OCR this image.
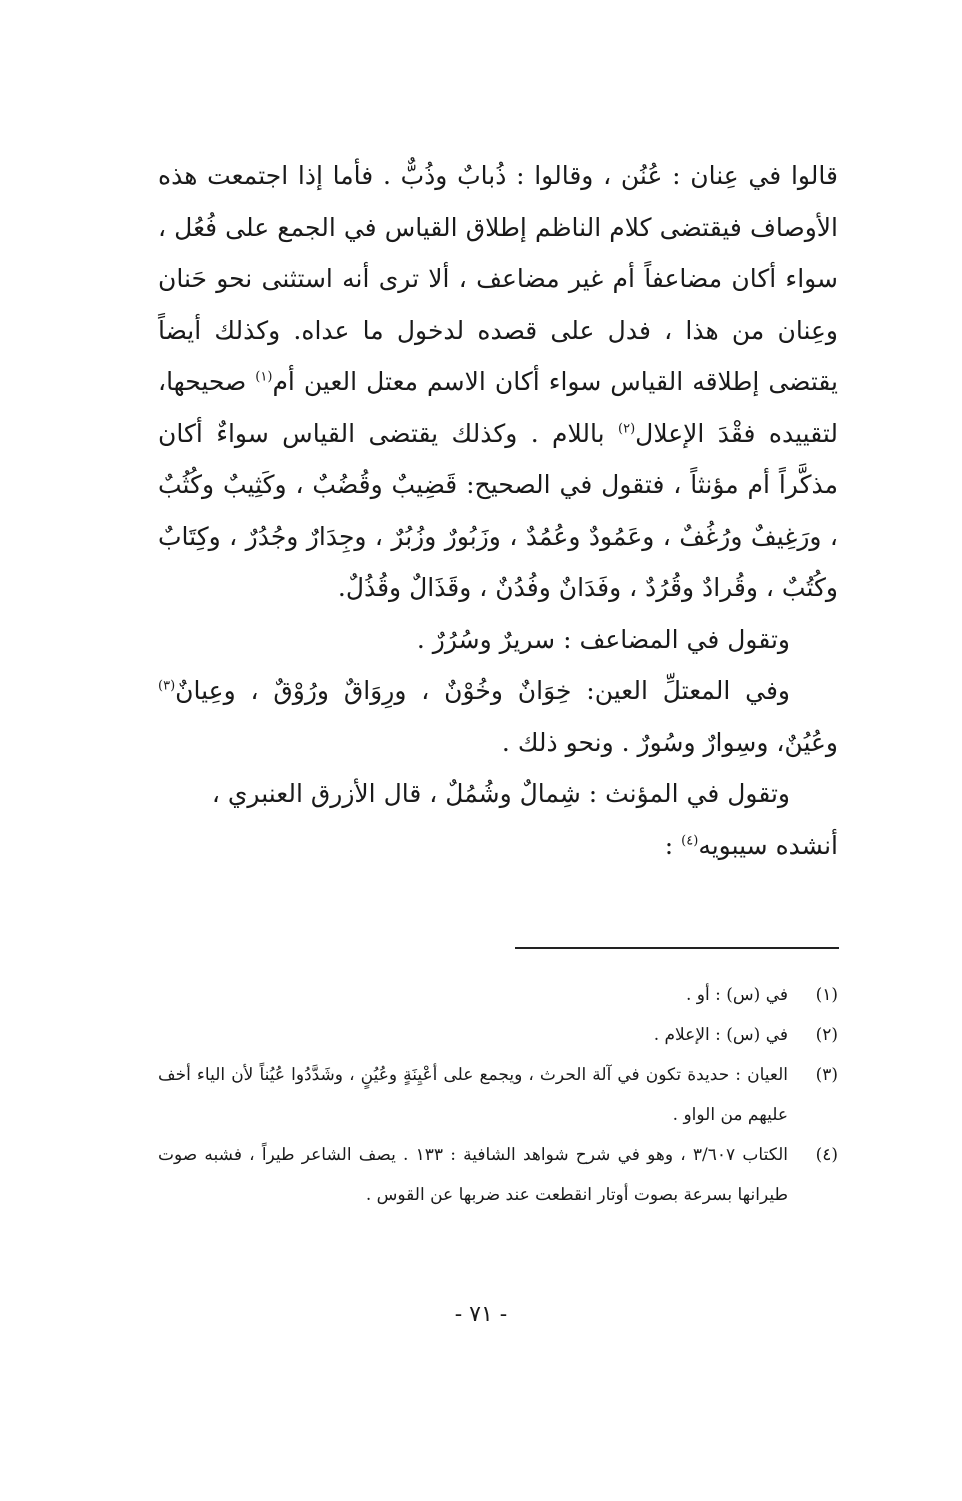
قالوا في عِنان : عُنُن ، وقالوا : ذُبابٌ وذُبٌّ . فأما إذا اجتمعت هذه الأوصاف فيقتضى كلام الناظم إطلاق القياس في الجمع على فُعُل ، سواء أكان مضاعفاً أم غير مضاعف ، ألا ترى أنه استثنى نحو حَنان وعِنان من هذا ، فدل على قصده لدخول ما عداه. وكذلك أيضاً يقتضى إطلاقه القياس سواء أكان الاسم معتل العين أم$^{(١)}$ صحيحها، لتقييده فقْدَ الإعلال$^{(٢)}$ باللام . وكذلك يقتضى القياس سواءٌ أكان مذكَّراً أم مؤنثاً ، فتقول في الصحيح: قَضِيبٌ وقُضُبٌ ، وكَثِيبٌ وكُثُبٌ ، ورَغِيفٌ ورُغُفٌ ، وعَمُودٌ وعُمُدٌ ، وزَبُورٌ وزُبُرٌ ، وجِدَارٌ وجُدُرٌ ، وكِتَابٌ وكُتُبٌ ، وقُرادٌ وقُرُدٌ ، وفَدَانٌ وفُدُنٌ ، وقَذَالٌ وقُذُلٌ.

وتقول في المضاعف : سريرٌ وسُرُرٌ .

وفي المعتلِّ العين: خِوَانٌ وخُوْنٌ ، ورِوَاقٌ ورُوْقٌ ، وعِيانٌ$^{(٣)}$ وعُيُنٌ، وسِوارٌ وسُورٌ . ونحو ذلك .

وتقول في المؤنث : شِمالٌ وشُمُلٌ ، قال الأزرق العنبري ، أنشده سيبويه$^{(٤)}$ :

(١)
في (س) : أو .
(٢)
في (س) : الإعلام .
(٣)
العيان : حديدة تكون في آلة الحرث ، ويجمع على أعْيِنَةٍ وعُيُنٍ ، وشَدَّدُوا عُيُناً لأن الياء أخف عليهم من الواو .
(٤)
الكتاب ٣/٦٠٧ ، وهو في شرح شواهد الشافية : ١٣٣ . يصف الشاعر طيراً ، فشبه صوت طيرانها بسرعة بصوت أوتار انقطعت عند ضربها عن القوس .
- ٧١ -
